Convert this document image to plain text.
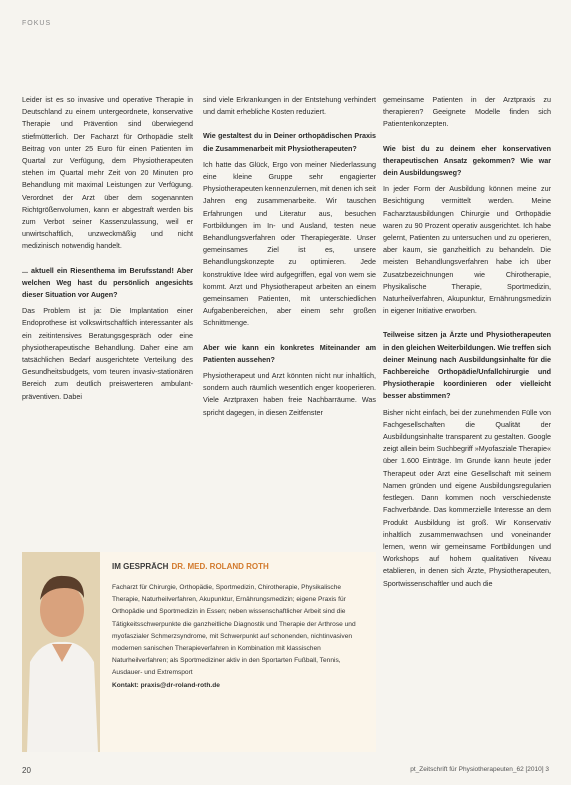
FOKUS

Leider ist es so invasive und operative Therapie in Deutschland zu einem untergeordnete, konservative Therapie und Prävention sind überwiegend stiefmütterlich. Der Facharzt für Orthopädie stellt Beitrag von unter 25 Euro für einen Patienten im Quartal zur Verfügung, dem Physiotherapeuten stehen im Quartal mehr Zeit von 20 Minuten pro Behandlung mit maximal Leistungen zur Verfügung. Verordnet der Arzt über dem sogenannten Richtgrößenvolumen, kann er abgestraft werden bis zum Verbot seiner Kassenzulassung, weil er unwirtschaftlich, unzweckmäßig und nicht medizinisch notwendig handelt.

... aktuell ein Riesenthema im Berufsstand! Aber welchen Weg hast du persönlich angesichts dieser Situation vor Augen?

Das Problem ist ja: Die Implantation einer Endoprothese ist volkswirtschaftlich interessanter als ein zeitintensives Beratungsgespräch oder eine physiotherapeutische Behandlung. Daher eine am tatsächlichen Bedarf ausgerichtete Verteilung des Gesundheitsbudgets, vom teuren invasiv-stationären Bereich zum deutlich preiswerteren ambulant-präventiven. Dabei

sind viele Erkrankungen in der Entstehung verhindert und damit erhebliche Kosten reduziert.

Wie gestaltest du in Deiner orthopädischen Praxis die Zusammenarbeit mit Physiotherapeuten?

Ich hatte das Glück, Ergo von meiner Niederlassung eine kleine Gruppe sehr engagierter Physiotherapeuten kennenzulernen, mit denen ich seit Jahren eng zusammenarbeite. Wir tauschen Erfahrungen und Literatur aus, besuchen Fortbildungen im In- und Ausland, testen neue Behandlungsverfahren oder Therapiegeräte. Unser gemeinsames Ziel ist es, unsere Behandlungskonzepte zu optimieren. Jede konstruktive Idee wird aufgegriffen, egal von wem sie kommt. Arzt und Physiotherapeut arbeiten an einem gemeinsamen Patienten, mit unterschiedlichen Aufgabenbereichen, aber einem sehr großen Schnittmenge.

Aber wie kann ein konkretes Miteinander am Patienten aussehen?

Physiotherapeut und Arzt könnten nicht nur inhaltlich, sondern auch räumlich wesentlich enger kooperieren. Viele Arztpraxen haben freie Nachbarräume. Was spricht dagegen, in diesen Zeitfenster

gemeinsame Patienten in der Arztpraxis zu therapieren? Geeignete Modelle finden sich Patientenkonzepten.

Wie bist du zu deinem eher konservativen therapeutischen Ansatz gekommen? Wie war dein Ausbildungsweg?

In jeder Form der Ausbildung können meine zur Besichtigung vermittelt werden. Meine Facharztausbildungen Chirurgie und Orthopädie waren zu 90 Prozent operativ ausgerichtet. Ich habe gelernt, Patienten zu untersuchen und zu operieren, aber kaum, sie ganzheitlich zu behandeln. Die meisten Behandlungsverfahren habe ich über Zusatzbezeichnungen wie Chirotherapie, Physikalische Therapie, Sportmedizin, Naturheilverfahren, Akupunktur, Ernährungsmedizin in eigener Initiative erworben.

Teilweise sitzen ja Ärzte und Physiotherapeuten in den gleichen Weiterbildungen. Wie treffen sich deiner Meinung nach Ausbildungsinhalte für die Fachbereiche Orthopädie/Unfallchirurgie und Physiotherapie koordinieren oder vielleicht besser abstimmen?

Bisher nicht einfach, bei der zunehmenden Fülle von Fachgesellschaften die Qualität der Ausbildungsinhalte transparent zu gestalten. Google zeigt allein beim Suchbegriff »Myofasziale Therapie« über 1.600 Einträge. Im Grunde kann heute jeder Therapeut oder Arzt eine Gesellschaft mit seinem Namen gründen und eigene Ausbildungsregularien festlegen. Dann kommen noch verschiedenste Fachverbände. Das kommerzielle Interesse an dem Produkt Ausbildung ist groß. Wir Konservativ inhaltlich zusammenwachsen und voneinander lernen, wenn wir gemeinsame Fortbildungen und Workshops auf hohem qualitativen Niveau etablieren, in denen sich Ärzte, Physiotherapeuten, Sportwissenschaftler und auch die

IM GESPRÄCH DR. MED. ROLAND ROTH
Facharzt für Chirurgie, Orthopädie, Sportmedizin, Chirotherapie, Physikalische Therapie, Naturheilverfahren, Akupunktur, Ernährungsmedizin; eigene Praxis für Orthopädie und Sportmedizin in Essen; neben wissenschaftlicher Arbeit sind die Tätigkeitsschwerpunkte die ganzheitliche Diagnostik und Therapie der Arthrose und myofaszialer Schmerzsyndrome, mit Schwerpunkt auf schonenden, nichtinvasiven modernen sanischen Therapieverfahren in Kombination mit klassischen Naturheilverfahren; als Sportmediziner aktiv in den Sportarten Fußball, Tennis, Ausdauer- und Extremsport
Kontakt: praxis@dr-roland-roth.de
20	pt_Zeitschrift für Physiotherapeuten_62 [2010] 3
